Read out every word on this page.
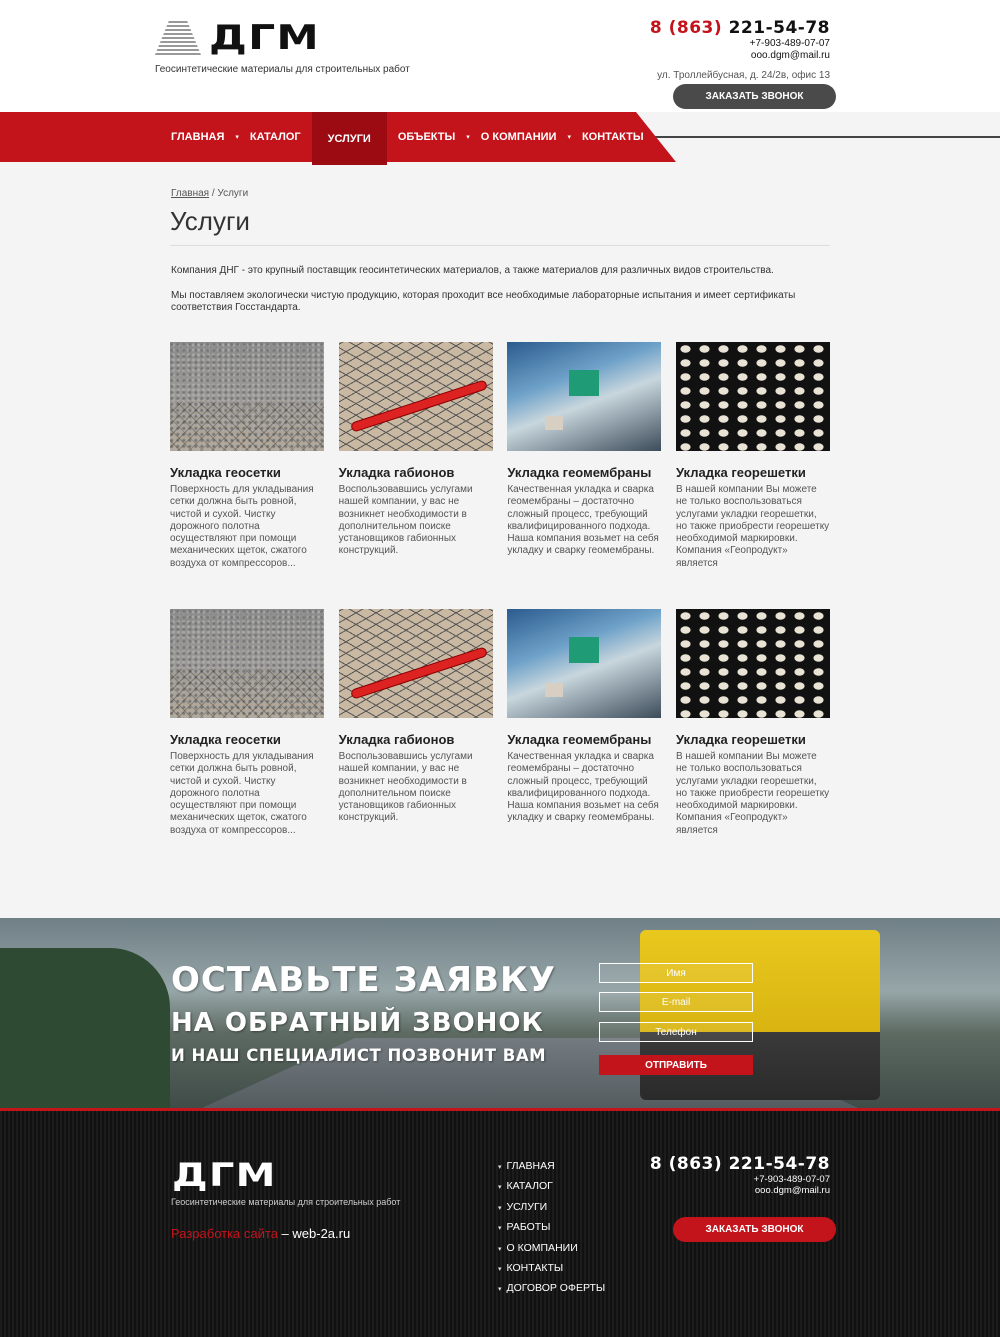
ДГМ
Геосинтетические материалы для строительных работ
8 (863) 221-54-78
+7-903-489-07-07
ooo.dgm@mail.ru
ул. Троллейбусная, д. 24/2в, офис 13
ЗАКАЗАТЬ ЗВОНОК
ГЛАВНАЯ	▾	КАТАЛОГ	УСЛУГИ	ОБЪЕКТЫ	▾	О КОМПАНИИ	▾	КОНТАКТЫ
Главная / Услуги
Услуги

Компания ДНГ - это крупный поставщик геосинтетических материалов, а также материалов для различных видов строительства.

Мы поставляем экологически чистую продукцию, которая проходит все необходимые лабораторные испытания и имеет сертификаты соответствия Госстандарта.

Укладка геосетки

Поверхность для укладывания сетки должна быть ровной, чистой и сухой. Чистку дорожного полотна осуществляют при помощи механических щеток, сжатого воздуха от компрессоров...

Укладка габионов

Воспользовавшись услугами нашей компании, у вас не возникнет необходимости в дополнительном поиске установщиков габионных конструкций.

Укладка геомембраны

Качественная укладка и сварка геомембраны – достаточно сложный процесс, требующий квалифицированного подхода. Наша компания возьмет на себя укладку и сварку геомембраны.

Укладка георешетки

В нашей компании Вы можете не только воспользоваться услугами укладки георешетки, но также приобрести георешетку необходимой маркировки. Компания «Геопродукт» является

Укладка геосетки

Поверхность для укладывания сетки должна быть ровной, чистой и сухой. Чистку дорожного полотна осуществляют при помощи механических щеток, сжатого воздуха от компрессоров...

Укладка габионов

Воспользовавшись услугами нашей компании, у вас не возникнет необходимости в дополнительном поиске установщиков габионных конструкций.

Укладка геомембраны

Качественная укладка и сварка геомембраны – достаточно сложный процесс, требующий квалифицированного подхода. Наша компания возьмет на себя укладку и сварку геомембраны.

Укладка георешетки

В нашей компании Вы можете не только воспользоваться услугами укладки георешетки, но также приобрести георешетку необходимой маркировки. Компания «Геопродукт» является

ОСТАВЬТЕ ЗАЯВКУ
НА ОБРАТНЫЙ ЗВОНОК
И НАШ СПЕЦИАЛИСТ ПОЗВОНИТ ВАМ
Имя
E-mail
Телефон	ОТПРАВИТЬ
ДГМ
Геосинтетические материалы для строительных работ
Разработка сайта – web-2a.ru
▾ ГЛАВНАЯ
▾ КАТАЛОГ
▾ УСЛУГИ
▾ РАБОТЫ
▾ О КОМПАНИИ
▾ КОНТАКТЫ
▾ ДОГОВОР ОФЕРТЫ
8 (863) 221-54-78
+7-903-489-07-07
ooo.dgm@mail.ru
ЗАКАЗАТЬ ЗВОНОК
